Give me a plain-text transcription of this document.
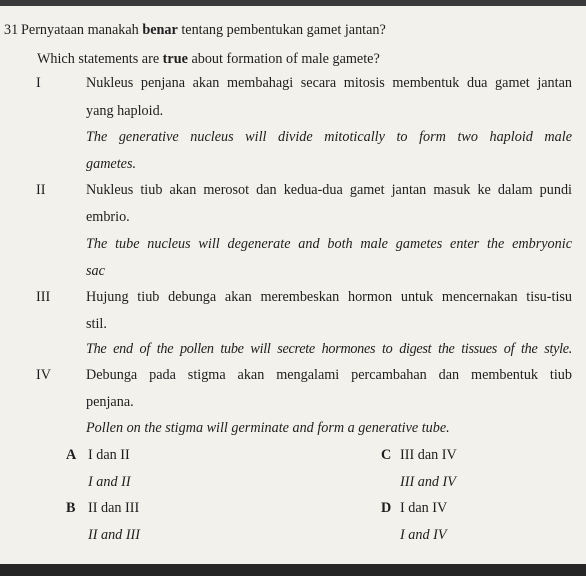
31 Pernyataan manakah benar tentang pembentukan gamet jantan?
Which statements are true about formation of male gamete?
I	Nukleus penjana akan membahagi secara mitosis membentuk dua gamet jantan
yang haploid.
The generative nucleus will divide mitotically to form two haploid male
gametes.
II	Nukleus tiub akan merosot dan kedua-dua gamet jantan masuk ke dalam pundi
embrio.
The tube nucleus will degenerate and both male gametes enter the embryonic
sac
III	Hujung tiub debunga akan merembeskan hormon untuk mencernakan tisu-tisu
stil.
The end of the pollen tube will secrete hormones to digest the tissues of the style.
IV Debunga pada stigma akan mengalami percambahan dan membentuk tiub
penjana.
Pollen on the stigma will germinate and form a generative tube.
A I dan II
I and II
B II dan III
II and III
C III dan IV
III and IV
D I dan IV
I and IV
